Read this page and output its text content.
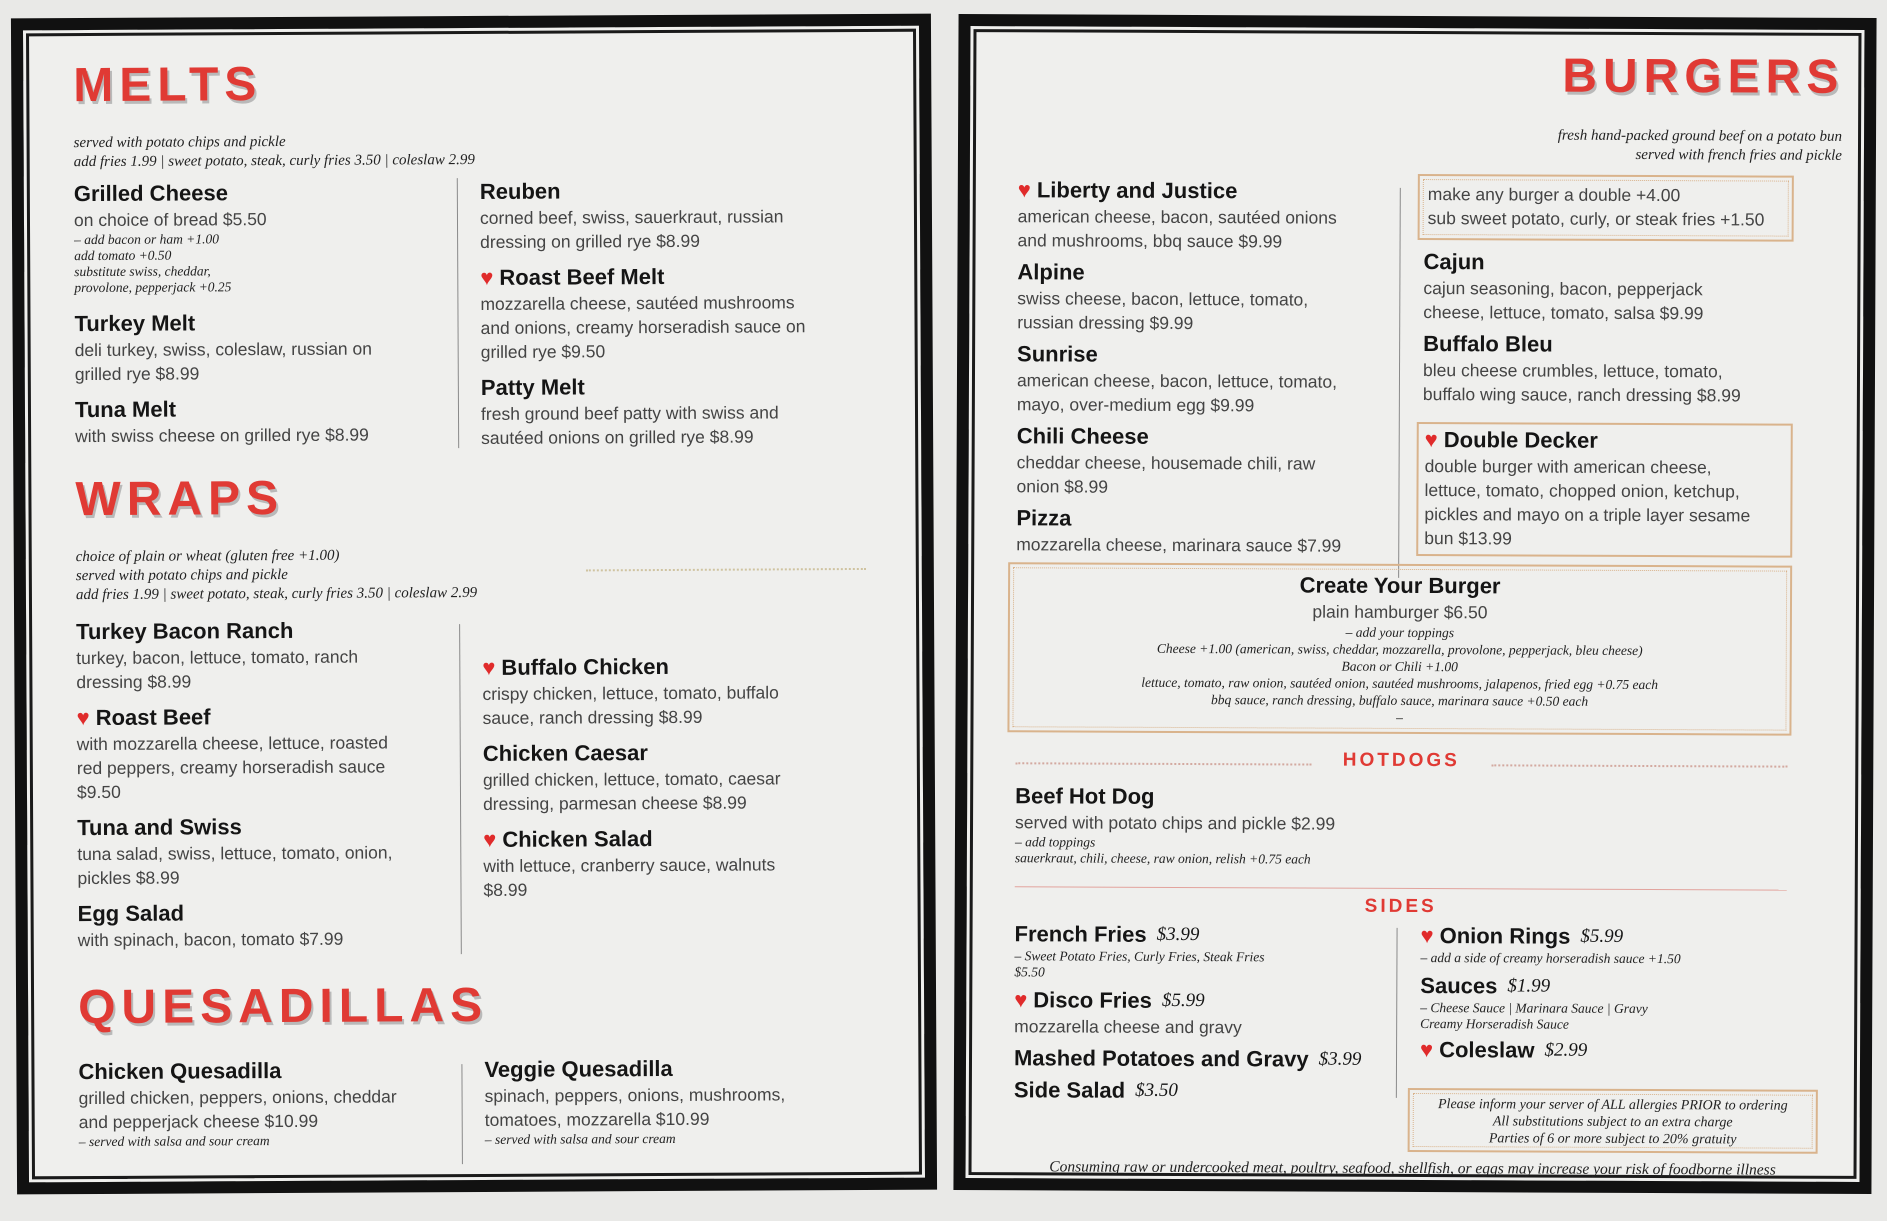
MELTS
served with potato chips and pickle
add fries 1.99 | sweet potato, steak, curly fries 3.50 | coleslaw 2.99
Grilled Cheese
on choice of bread $5.50
– add bacon or ham +1.00
add tomato +0.50
substitute swiss, cheddar,
provolone, pepperjack +0.25
Turkey Melt
deli turkey, swiss, coleslaw, russian on
grilled rye $8.99
Tuna Melt
with swiss cheese on grilled rye $8.99
Reuben
corned beef, swiss, sauerkraut, russian
dressing on grilled rye $8.99
♥ Roast Beef Melt
mozzarella cheese, sautéed mushrooms
and onions, creamy horseradish sauce on
grilled rye $9.50
Patty Melt
fresh ground beef patty with swiss and
sautéed onions on grilled rye $8.99
WRAPS
choice of plain or wheat (gluten free +1.00)
served with potato chips and pickle
add fries 1.99 | sweet potato, steak, curly fries 3.50 | coleslaw 2.99
Turkey Bacon Ranch
turkey, bacon, lettuce, tomato, ranch
dressing $8.99
♥ Roast Beef
with mozzarella cheese, lettuce, roasted
red peppers, creamy horseradish sauce
$9.50
Tuna and Swiss
tuna salad, swiss, lettuce, tomato, onion,
pickles $8.99
Egg Salad
with spinach, bacon, tomato $7.99
♥ Buffalo Chicken
crispy chicken, lettuce, tomato, buffalo
sauce, ranch dressing $8.99
Chicken Caesar
grilled chicken, lettuce, tomato, caesar
dressing, parmesan cheese $8.99
♥ Chicken Salad
with lettuce, cranberry sauce, walnuts
$8.99
QUESADILLAS
Chicken Quesadilla
grilled chicken, peppers, onions, cheddar
and pepperjack cheese $10.99
– served with salsa and sour cream
Veggie Quesadilla
spinach, peppers, onions, mushrooms,
tomatoes, mozzarella $10.99
– served with salsa and sour cream
BURGERS
fresh hand-packed ground beef on a potato bun
served with french fries and pickle
♥ Liberty and Justice
american cheese, bacon, sautéed onions
and mushrooms, bbq sauce $9.99
Alpine
swiss cheese, bacon, lettuce, tomato,
russian dressing $9.99
Sunrise
american cheese, bacon, lettuce, tomato,
mayo, over-medium egg $9.99
Chili Cheese
cheddar cheese, housemade chili, raw
onion $8.99
Pizza
mozzarella cheese, marinara sauce $7.99
make any burger a double +4.00
sub sweet potato, curly, or steak fries +1.50
Cajun
cajun seasoning, bacon, pepperjack
cheese, lettuce, tomato, salsa $9.99
Buffalo Bleu
bleu cheese crumbles, lettuce, tomato,
buffalo wing sauce, ranch dressing $8.99
♥ Double Decker
double burger with american cheese,
lettuce, tomato, chopped onion, ketchup,
pickles and mayo on a triple layer sesame
bun $13.99
Create Your Burger
plain hamburger $6.50
– add your toppings
Cheese +1.00 (american, swiss, cheddar, mozzarella, provolone, pepperjack, bleu cheese)
Bacon or Chili +1.00
lettuce, tomato, raw onion, sautéed onion, sautéed mushrooms, jalapenos, fried egg +0.75 each
bbq sauce, ranch dressing, buffalo sauce, marinara sauce +0.50 each
–
HOTDOGS
Beef Hot Dog
served with potato chips and pickle $2.99
– add toppings
sauerkraut, chili, cheese, raw onion, relish +0.75 each
SIDES
French Fries $3.99
– Sweet Potato Fries, Curly Fries, Steak Fries
$5.50
♥ Disco Fries $5.99
mozzarella cheese and gravy
Mashed Potatoes and Gravy $3.99
Side Salad $3.50
♥ Onion Rings $5.99
– add a side of creamy horseradish sauce +1.50
Sauces $1.99
– Cheese Sauce | Marinara Sauce | Gravy
Creamy Horseradish Sauce
♥ Coleslaw $2.99
Please inform your server of ALL allergies PRIOR to ordering
All substitutions subject to an extra charge
Parties of 6 or more subject to 20% gratuity
Consuming raw or undercooked meat, poultry, seafood, shellfish, or eggs may increase your risk of foodborne illness
